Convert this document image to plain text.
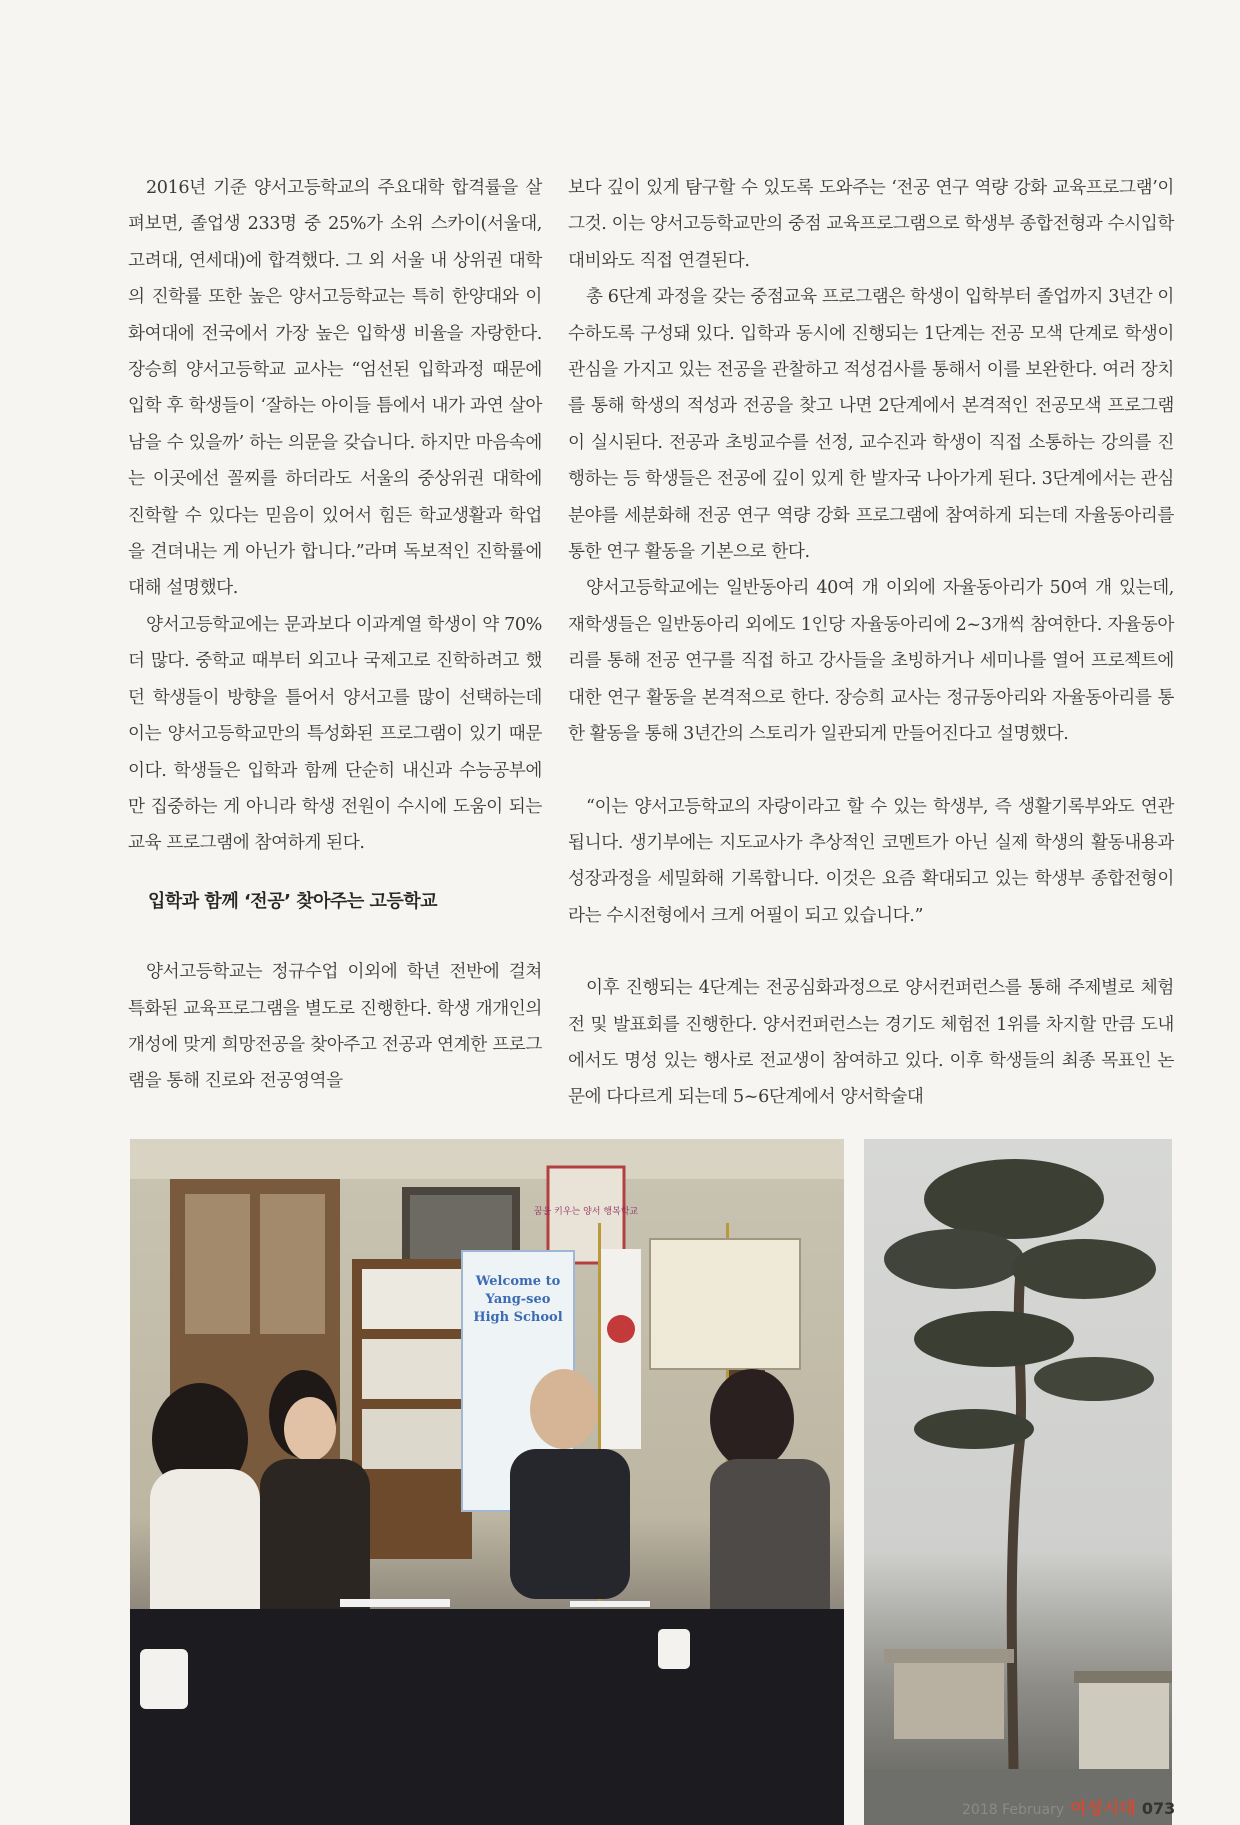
2016년 기준 양서고등학교의 주요대학 합격률을 살펴보면, 졸업생 233명 중 25%가 소위 스카이(서울대, 고려대, 연세대)에 합격했다. 그 외 서울 내 상위권 대학의 진학률 또한 높은 양서고등학교는 특히 한양대와 이화여대에 전국에서 가장 높은 입학생 비율을 자랑한다. 장승희 양서고등학교 교사는 “엄선된 입학과정 때문에 입학 후 학생들이 ‘잘하는 아이들 틈에서 내가 과연 살아남을 수 있을까’ 하는 의문을 갖습니다. 하지만 마음속에는 이곳에선 꼴찌를 하더라도 서울의 중상위권 대학에 진학할 수 있다는 믿음이 있어서 힘든 학교생활과 학업을 견뎌내는 게 아닌가 합니다.”라며 독보적인 진학률에 대해 설명했다.

양서고등학교에는 문과보다 이과계열 학생이 약 70% 더 많다. 중학교 때부터 외고나 국제고로 진학하려고 했던 학생들이 방향을 틀어서 양서고를 많이 선택하는데 이는 양서고등학교만의 특성화된 프로그램이 있기 때문이다. 학생들은 입학과 함께 단순히 내신과 수능공부에만 집중하는 게 아니라 학생 전원이 수시에 도움이 되는 교육 프로그램에 참여하게 된다.

입학과 함께 ‘전공’ 찾아주는 고등학교

양서고등학교는 정규수업 이외에 학년 전반에 걸쳐 특화된 교육프로그램을 별도로 진행한다. 학생 개개인의 개성에 맞게 희망전공을 찾아주고 전공과 연계한 프로그램을 통해 진로와 전공영역을

보다 깊이 있게 탐구할 수 있도록 도와주는 ‘전공 연구 역량 강화 교육프로그램’이 그것. 이는 양서고등학교만의 중점 교육프로그램으로 학생부 종합전형과 수시입학 대비와도 직접 연결된다.

총 6단계 과정을 갖는 중점교육 프로그램은 학생이 입학부터 졸업까지 3년간 이수하도록 구성돼 있다. 입학과 동시에 진행되는 1단계는 전공 모색 단계로 학생이 관심을 가지고 있는 전공을 관찰하고 적성검사를 통해서 이를 보완한다. 여러 장치를 통해 학생의 적성과 전공을 찾고 나면 2단계에서 본격적인 전공모색 프로그램이 실시된다. 전공과 초빙교수를 선정, 교수진과 학생이 직접 소통하는 강의를 진행하는 등 학생들은 전공에 깊이 있게 한 발자국 나아가게 된다. 3단계에서는 관심 분야를 세분화해 전공 연구 역량 강화 프로그램에 참여하게 되는데 자율동아리를 통한 연구 활동을 기본으로 한다.

양서고등학교에는 일반동아리 40여 개 이외에 자율동아리가 50여 개 있는데, 재학생들은 일반동아리 외에도 1인당 자율동아리에 2~3개씩 참여한다. 자율동아리를 통해 전공 연구를 직접 하고 강사들을 초빙하거나 세미나를 열어 프로젝트에 대한 연구 활동을 본격적으로 한다. 장승희 교사는 정규동아리와 자율동아리를 통한 활동을 통해 3년간의 스토리가 일관되게 만들어진다고 설명했다.

“이는 양서고등학교의 자랑이라고 할 수 있는 학생부, 즉 생활기록부와도 연관됩니다. 생기부에는 지도교사가 추상적인 코멘트가 아닌 실제 학생의 활동내용과 성장과정을 세밀화해 기록합니다. 이것은 요즘 확대되고 있는 학생부 종합전형이라는 수시전형에서 크게 어필이 되고 있습니다.”

이후 진행되는 4단계는 전공심화과정으로 양서컨퍼런스를 통해 주제별로 체험전 및 발표회를 진행한다. 양서컨퍼런스는 경기도 체험전 1위를 차지할 만큼 도내에서도 명성 있는 행사로 전교생이 참여하고 있다. 이후 학생들의 최종 목표인 논문에 다다르게 되는데 5~6단계에서 양서학술대

꿈을 키우는 양서 행복학교
Welcome to
Yang-seo
High School
2018 February 여성시대 073
